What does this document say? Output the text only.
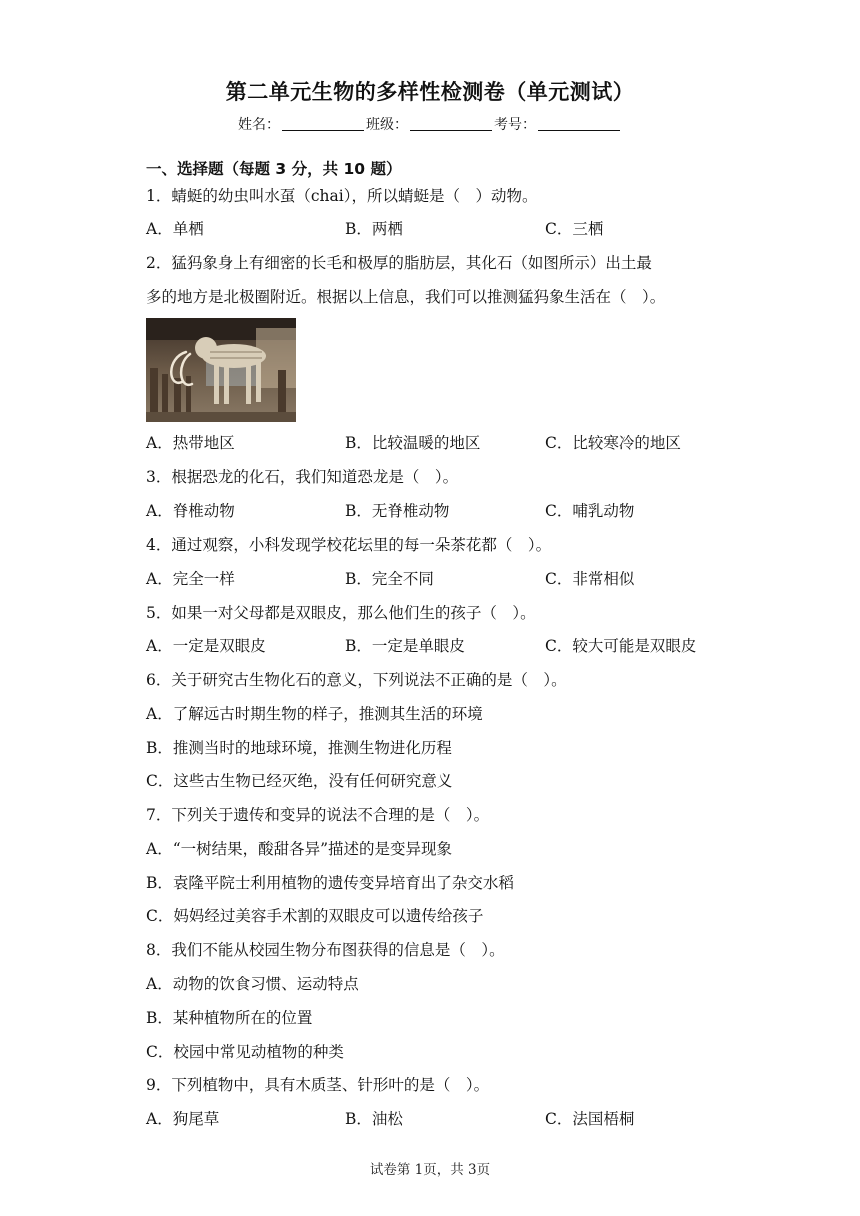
第二单元生物的多样性检测卷（单元测试）
姓名：	班级：	考号：
一、选择题（每题 3 分，共 10 题）
1．蜻蜓的幼虫叫水虿（chai），所以蜻蜓是（　）动物。
A．单栖	B．两栖	C．三栖
2．猛犸象身上有细密的长毛和极厚的脂肪层，其化石（如图所示）出土最
多的地方是北极圈附近。根据以上信息，我们可以推测猛犸象生活在（　）。
A．热带地区	B．比较温暖的地区	C．比较寒冷的地区
3．根据恐龙的化石，我们知道恐龙是（　）。
A．脊椎动物	B．无脊椎动物	C．哺乳动物
4．通过观察，小科发现学校花坛里的每一朵茶花都（　）。
A．完全一样	B．完全不同	C．非常相似
5．如果一对父母都是双眼皮，那么他们生的孩子（　）。
A．一定是双眼皮	B．一定是单眼皮	C．较大可能是双眼皮
6．关于研究古生物化石的意义，下列说法不正确的是（　）。
A．了解远古时期生物的样子，推测其生活的环境
B．推测当时的地球环境，推测生物进化历程
C．这些古生物已经灭绝，没有任何研究意义
7．下列关于遗传和变异的说法不合理的是（　）。
A．“一树结果，酸甜各异”描述的是变异现象
B．袁隆平院士利用植物的遗传变异培育出了杂交水稻
C．妈妈经过美容手术割的双眼皮可以遗传给孩子
8．我们不能从校园生物分布图获得的信息是（　）。
A．动物的饮食习惯、运动特点
B．某种植物所在的位置
C．校园中常见动植物的种类
9．下列植物中，具有木质茎、针形叶的是（　）。
A．狗尾草	B．油松	C．法国梧桐
试卷第 1页，共 3页
